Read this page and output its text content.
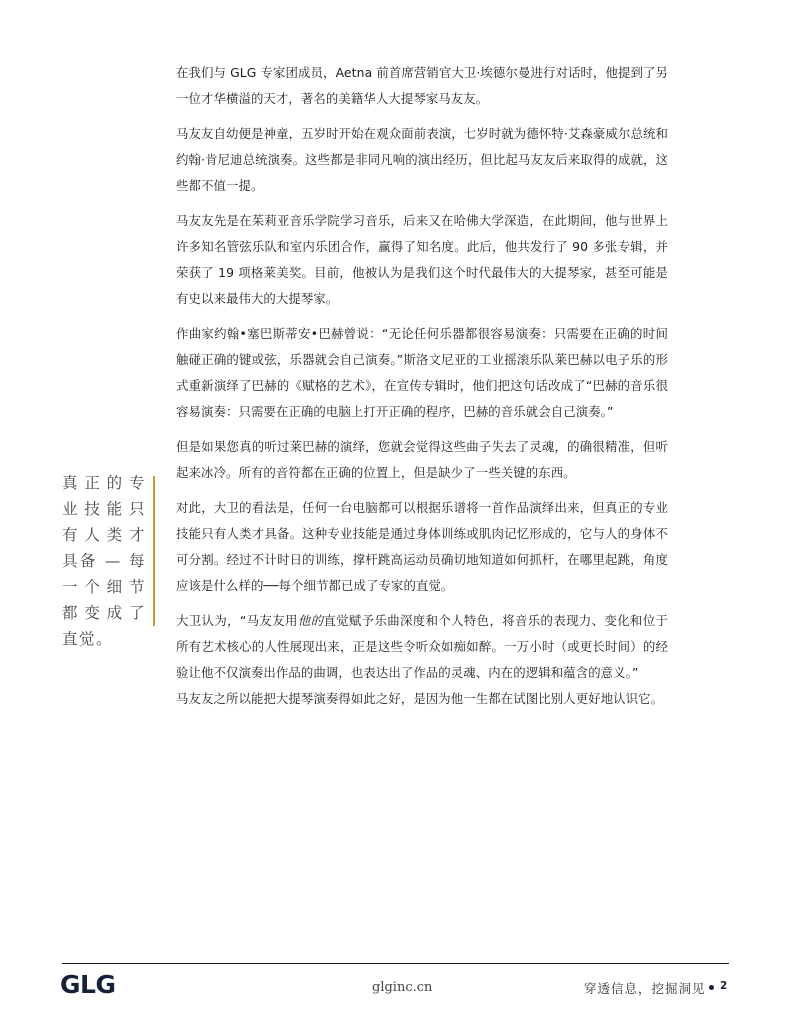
在我们与 GLG 专家团成员，Aetna 前首席营销官大卫·埃德尔曼进行对话时，他提到了另一位才华横溢的天才，著名的美籍华人大提琴家马友友。

马友友自幼便是神童，五岁时开始在观众面前表演，七岁时就为德怀特·艾森豪威尔总统和约翰·肯尼迪总统演奏。这些都是非同凡响的演出经历，但比起马友友后来取得的成就，这些都不值一提。

马友友先是在茱莉亚音乐学院学习音乐，后来又在哈佛大学深造，在此期间，他与世界上许多知名管弦乐队和室内乐团合作，赢得了知名度。此后，他共发行了 90 多张专辑，并荣获了 19 项格莱美奖。目前，他被认为是我们这个时代最伟大的大提琴家，甚至可能是有史以来最伟大的大提琴家。

作曲家约翰•塞巴斯蒂安•巴赫曾说：“无论任何乐器都很容易演奏：只需要在正确的时间触碰正确的键或弦，乐器就会自己演奏。”斯洛文尼亚的工业摇滚乐队莱巴赫以电子乐的形式重新演绎了巴赫的《赋格的艺术》，在宣传专辑时，他们把这句话改成了“巴赫的音乐很容易演奏：只需要在正确的电脑上打开正确的程序，巴赫的音乐就会自己演奏。”

但是如果您真的听过莱巴赫的演绎，您就会觉得这些曲子失去了灵魂，的确很精准，但听起来冰冷。所有的音符都在正确的位置上，但是缺少了一些关键的东西。

对此，大卫的看法是，任何一台电脑都可以根据乐谱将一首作品演绎出来，但真正的专业技能只有人类才具备。这种专业技能是通过身体训练或肌肉记忆形成的，它与人的身体不可分割。经过不计时日的训练，撑杆跳高运动员确切地知道如何抓杆，在哪里起跳，角度应该是什么样的──每个细节都已成了专家的直觉。

大卫认为，“马友友用他的直觉赋予乐曲深度和个人特色，将音乐的表现力、变化和位于所有艺术核心的人性展现出来，正是这些令听众如痴如醉。一万小时（或更长时间）的经验让他不仅演奏出作品的曲调，也表达出了作品的灵魂、内在的逻辑和蕴含的意义。”

马友友之所以能把大提琴演奏得如此之好，是因为他一生都在试图比别人更好地认识它。

真正的专业技能只有人类才具备 — 每一个细节都变成了直觉。
GLG	glginc.cn	穿透信息，挖掘洞见 2
